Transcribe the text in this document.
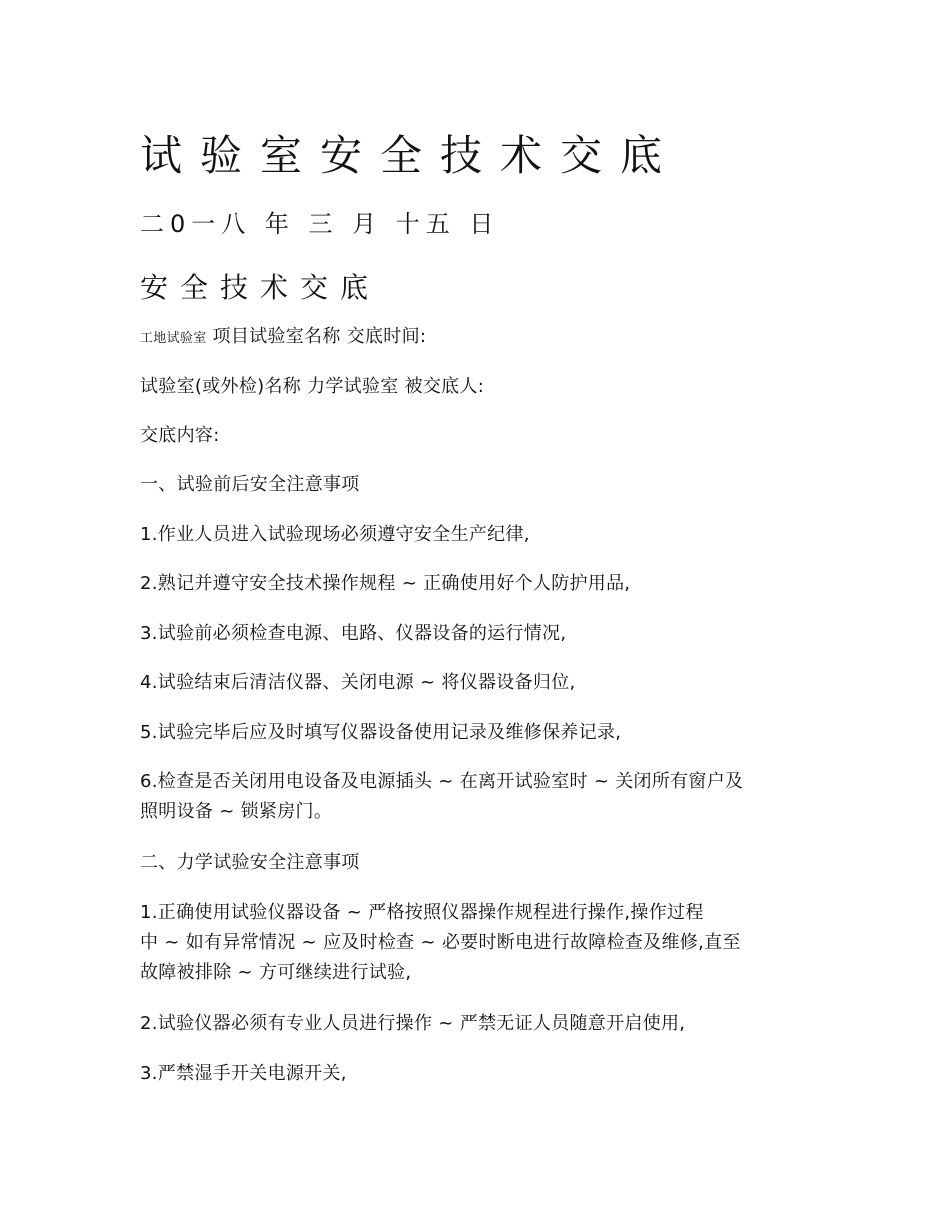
试验室安全技术交底
二0一八 年 三 月 十五 日
安全技术交底
工地试验室 项目试验室名称 交底时间:
试验室(或外检)名称 力学试验室 被交底人:
交底内容:
一、试验前后安全注意事项
1.作业人员进入试验现场必须遵守安全生产纪律,
2.熟记并遵守安全技术操作规程 ~ 正确使用好个人防护用品,
3.试验前必须检查电源、电路、仪器设备的运行情况,
4.试验结束后清洁仪器、关闭电源 ~ 将仪器设备归位,
5.试验完毕后应及时填写仪器设备使用记录及维修保养记录,
6.检查是否关闭用电设备及电源插头 ~ 在离开试验室时 ~ 关闭所有窗户及
照明设备 ~ 锁紧房门。
二、力学试验安全注意事项
1.正确使用试验仪器设备 ~ 严格按照仪器操作规程进行操作,操作过程
中 ~ 如有异常情况 ~ 应及时检查 ~ 必要时断电进行故障检查及维修,直至
故障被排除 ~ 方可继续进行试验,
2.试验仪器必须有专业人员进行操作 ~ 严禁无证人员随意开启使用,
3.严禁湿手开关电源开关,
